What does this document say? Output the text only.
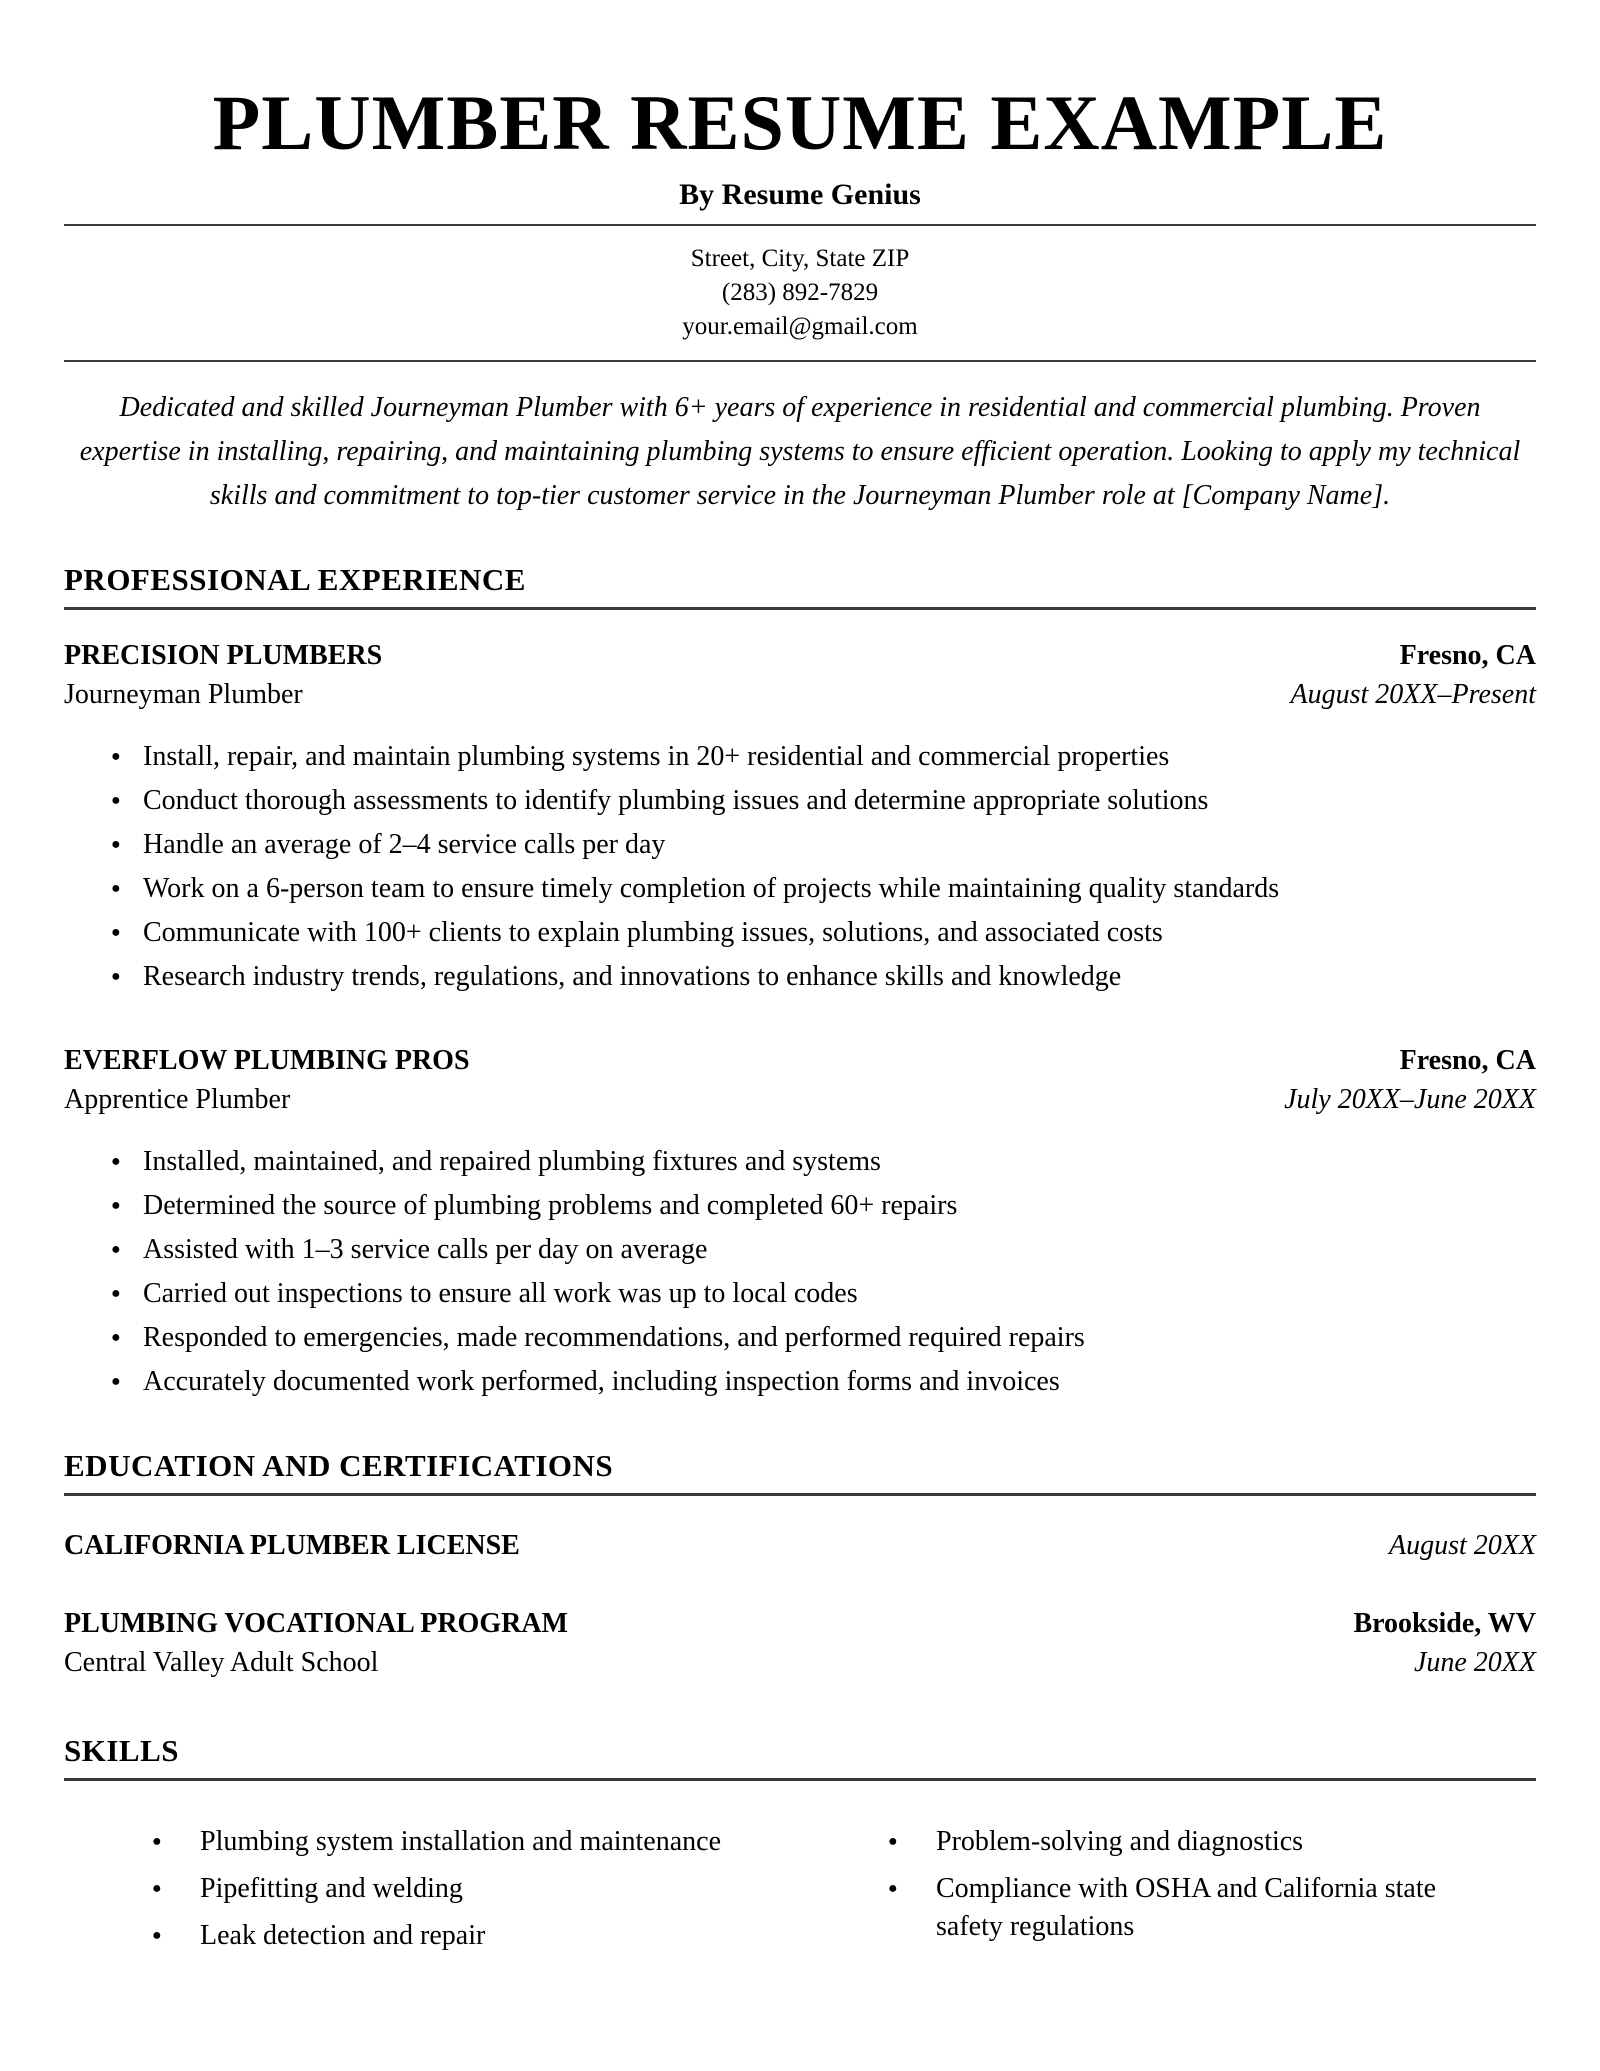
PLUMBER RESUME EXAMPLE
By Resume Genius
Street, City, State ZIP
(283) 892-7829
your.email@gmail.com

Dedicated and skilled Journeyman Plumber with 6+ years of experience in residential and commercial plumbing. Proven expertise in installing, repairing, and maintaining plumbing systems to ensure efficient operation. Looking to apply my technical skills and commitment to top-tier customer service in the Journeyman Plumber role at [Company Name].

PROFESSIONAL EXPERIENCE
PRECISION PLUMBERS	Fresno, CA
Journeyman Plumber	August 20XX–Present
● Install, repair, and maintain plumbing systems in 20+ residential and commercial properties
● Conduct thorough assessments to identify plumbing issues and determine appropriate solutions
● Handle an average of 2–4 service calls per day
● Work on a 6-person team to ensure timely completion of projects while maintaining quality standards
● Communicate with 100+ clients to explain plumbing issues, solutions, and associated costs
● Research industry trends, regulations, and innovations to enhance skills and knowledge
EVERFLOW PLUMBING PROS	Fresno, CA
Apprentice Plumber	July 20XX–June 20XX
● Installed, maintained, and repaired plumbing fixtures and systems
● Determined the source of plumbing problems and completed 60+ repairs
● Assisted with 1–3 service calls per day on average
● Carried out inspections to ensure all work was up to local codes
● Responded to emergencies, made recommendations, and performed required repairs
● Accurately documented work performed, including inspection forms and invoices
EDUCATION AND CERTIFICATIONS
CALIFORNIA PLUMBER LICENSE	August 20XX
PLUMBING VOCATIONAL PROGRAM	Brookside, WV
Central Valley Adult School	June 20XX
SKILLS
● Plumbing system installation and maintenance
● Pipefitting and welding
● Leak detection and repair
● Problem-solving and diagnostics
● Compliance with OSHA and California state safety regulations
